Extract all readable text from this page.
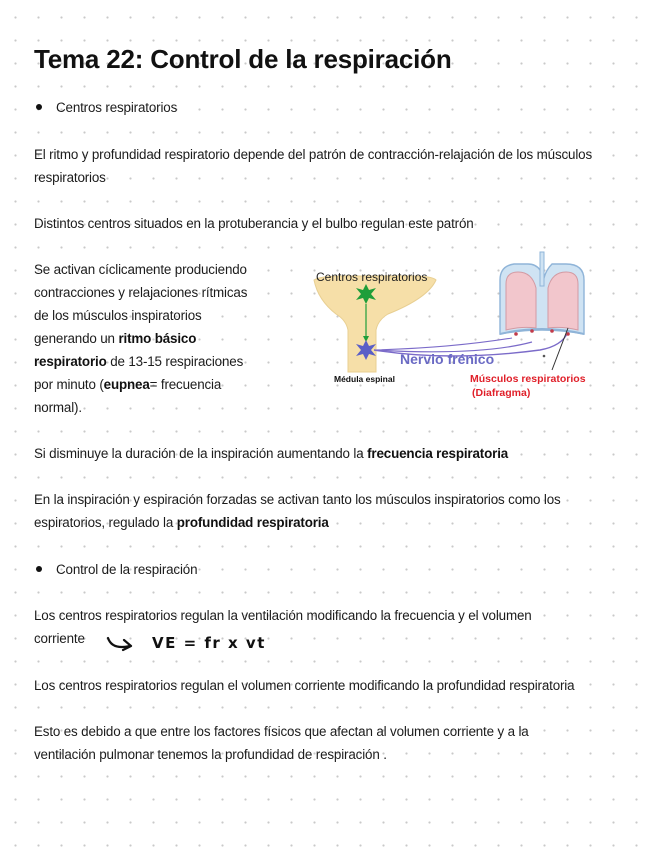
Tema 22: Control de la respiración
Centros respiratorios
El ritmo y profundidad respiratorio depende del patrón de contracción-relajación de los músculos respiratorios
Distintos centros situados en la protuberancia y el bulbo regulan este patrón
Se activan cíclicamente produciendo
contracciones y relajaciones rítmicas
de los músculos inspiratorios
generando un ritmo básico
respiratorio de 13-15 respiraciones
por minuto (eupnea= frecuencia
normal).
Centros respiratorios
Nervio frénico
Médula espinal	Músculos respiratorios
(Diafragma)
Si disminuye la duración de la inspiración aumentando la frecuencia respiratoria
En la inspiración y espiración forzadas se activan tanto los músculos inspiratorios como los
espiratorios, regulado la profundidad respiratoria
Control de la respiración
Los centros respiratorios regulan la ventilación modificando la frecuencia y el volumen
corriente	VE = fr x vt
Los centros respiratorios regulan el volumen corriente modificando la profundidad respiratoria
Esto es debido a que entre los factores físicos que afectan al volumen corriente y a la
ventilación pulmonar tenemos la profundidad de respiración .
